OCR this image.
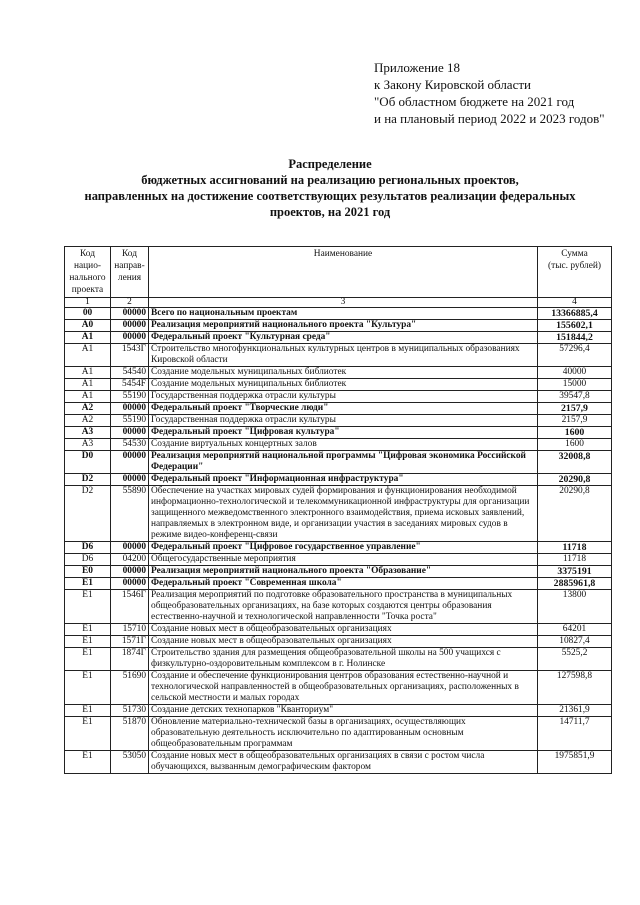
Приложение 18
к Закону Кировской области
"Об областном бюджете на 2021 год
и на плановый период 2022 и 2023 годов"
Распределение
бюджетных ассигнований на реализацию региональных проектов,
направленных на достижение соответствующих результатов реализации федеральных
проектов, на 2021 год
Код
нацио-
нального
проекта

Код
направ-
ления
	Наименование	Сумма
(тыс. рублей)

1	2	3	4
00	00000	Всего по национальным проектам	13366885,4
A0	00000	Реализация мероприятий национального проекта "Культура"	155602,1
A1	00000	Федеральный проект "Культурная среда"	151844,2
A1	1543Г	Строительство многофункциональных культурных центров в муниципальных образованиях Кировской области	57296,4
A1	54540	Создание модельных муниципальных библиотек	40000
A1	5454F	Создание модельных муниципальных библиотек	15000
A1	55190	Государственная поддержка отрасли культуры	39547,8
A2	00000	Федеральный проект "Творческие люди"	2157,9
A2	55190	Государственная поддержка отрасли культуры	2157,9
A3	00000	Федеральный проект "Цифровая культура"	1600
A3	54530	Создание виртуальных концертных залов	1600
D0	00000	Реализация мероприятий национальной программы "Цифровая экономика Российской Федерации"	32008,8
D2	00000	Федеральный проект "Информационная инфраструктура"	20290,8
D2	55890	Обеспечение на участках мировых судей формирования и функционирования необходимой информационно-технологической и телекоммуникационной инфраструктуры для организации защищенного межведомственного электронного взаимодействия, приема исковых заявлений, направляемых в электронном виде, и организации участия в заседаниях мировых судов в режиме видео-конференц-связи	20290,8
D6	00000	Федеральный проект "Цифровое государственное управление"	11718
D6	04200	Общегосударственные мероприятия	11718
E0	00000	Реализация мероприятий национального проекта "Образование"	3375191
E1	00000	Федеральный проект "Современная школа"	2885961,8
E1	1546Г	Реализация мероприятий по подготовке образовательного пространства в муниципальных общеобразовательных организациях, на базе которых создаются центры образования естественно-научной и технологической направленности "Точка роста"	13800
E1	15710	Создание новых мест в общеобразовательных организациях	64201
E1	1571Г	Создание новых мест в общеобразовательных организациях	10827,4
E1	1874Г	Строительство здания для размещения общеобразовательной школы на 500 учащихся с физкультурно-оздоровительным комплексом в г. Нолинске	5525,2
E1	51690	Создание и обеспечение функционирования центров образования естественно-научной и технологической направленностей в общеобразовательных организациях, расположенных в сельской местности и малых городах	127598,8
E1	51730	Создание детских технопарков "Кванториум"	21361,9
E1	51870	Обновление материально-технической базы в организациях, осуществляющих образовательную деятельность исключительно по адаптированным основным общеобразовательным программам	14711,7
E1	53050	Создание новых мест в общеобразовательных организациях в связи с ростом числа обучающихся, вызванным демографическим фактором	1975851,9
